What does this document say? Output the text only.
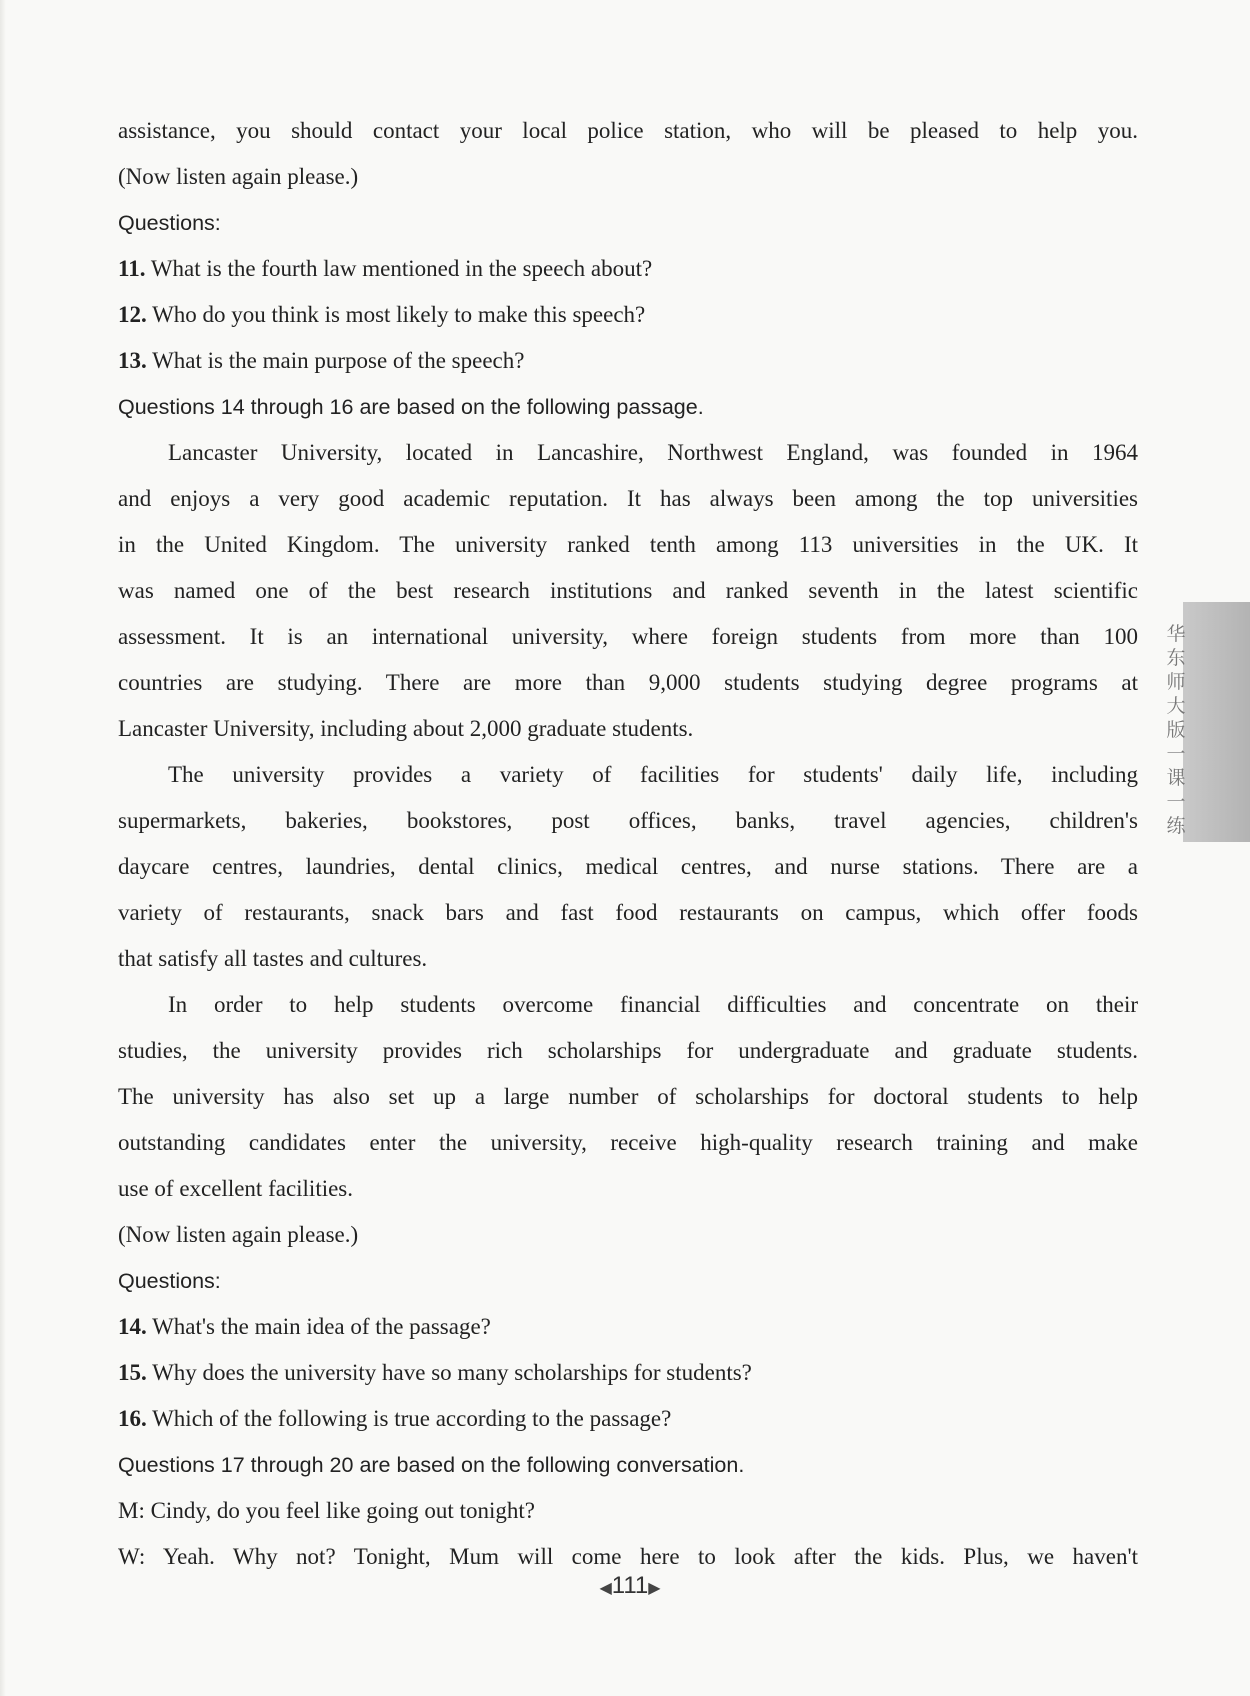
assistance, you should contact your local police station, who will be pleased to help you.

(Now listen again please.)

Questions:

11. What is the fourth law mentioned in the speech about?

12. Who do you think is most likely to make this speech?

13. What is the main purpose of the speech?

Questions 14 through 16 are based on the following passage.

Lancaster University, located in Lancashire, Northwest England, was founded in 1964

and enjoys a very good academic reputation. It has always been among the top universities

in the United Kingdom. The university ranked tenth among 113 universities in the UK. It

was named one of the best research institutions and ranked seventh in the latest scientific

assessment. It is an international university, where foreign students from more than 100

countries are studying. There are more than 9,000 students studying degree programs at

Lancaster University, including about 2,000 graduate students.

The university provides a variety of facilities for students' daily life, including

supermarkets, bakeries, bookstores, post offices, banks, travel agencies, children's

daycare centres, laundries, dental clinics, medical centres, and nurse stations. There are a

variety of restaurants, snack bars and fast food restaurants on campus, which offer foods

that satisfy all tastes and cultures.

In order to help students overcome financial difficulties and concentrate on their

studies, the university provides rich scholarships for undergraduate and graduate students.

The university has also set up a large number of scholarships for doctoral students to help

outstanding candidates enter the university, receive high-quality research training and make

use of excellent facilities.

(Now listen again please.)

Questions:

14. What's the main idea of the passage?

15. Why does the university have so many scholarships for students?

16. Which of the following is true according to the passage?

Questions 17 through 20 are based on the following conversation.

M: Cindy, do you feel like going out tonight?

W: Yeah. Why not? Tonight, Mum will come here to look after the kids. Plus, we haven't

华东师大版一课一练
◀111▶
